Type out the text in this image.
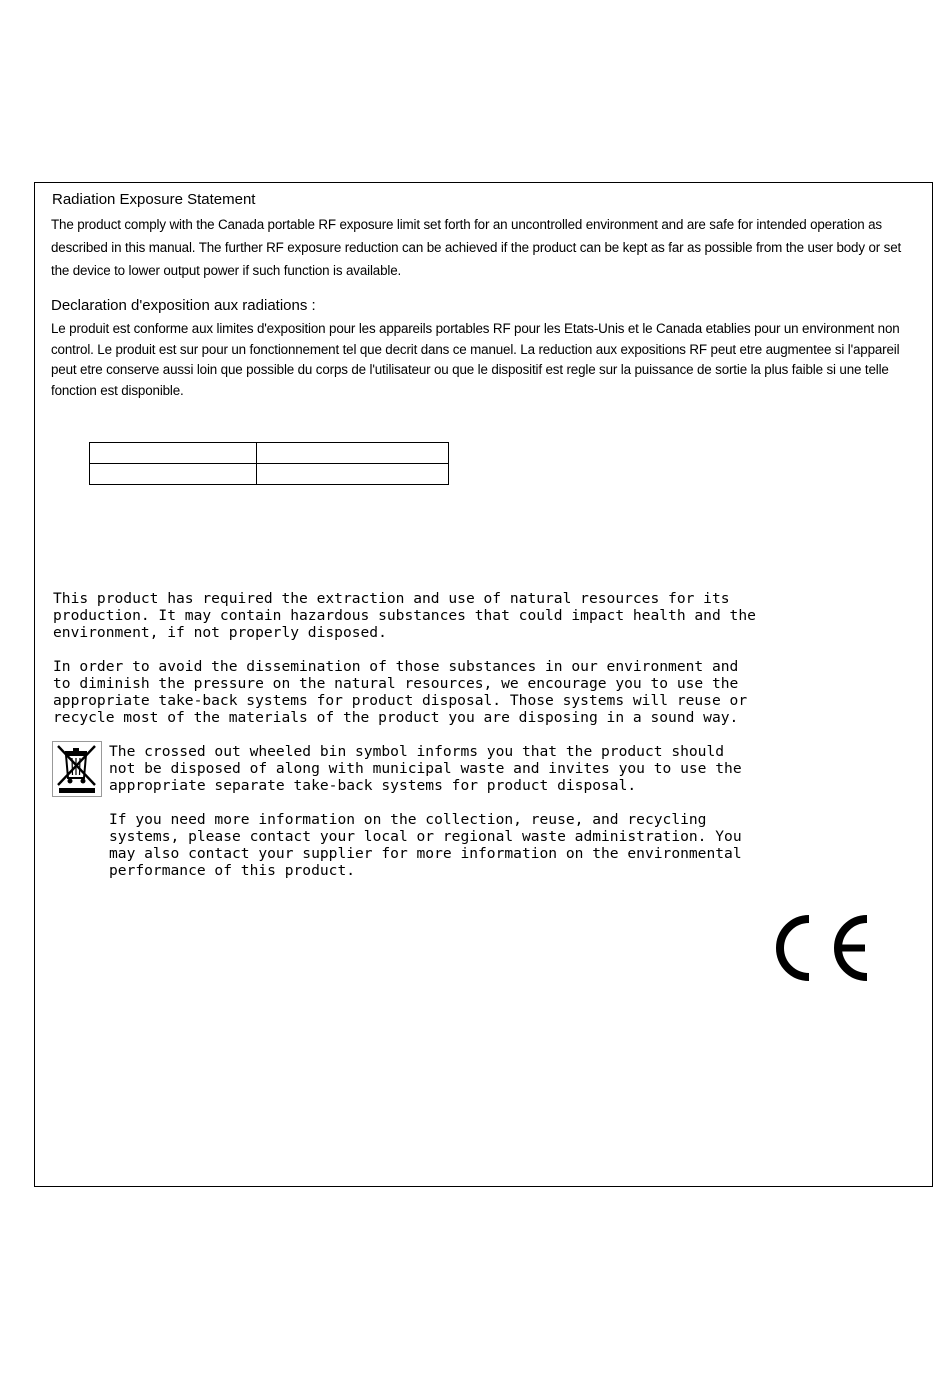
Radiation Exposure Statement
The product comply with the Canada portable RF exposure limit set forth for an uncontrolled environment and are safe for intended operation as described in this manual. The further RF exposure reduction can be achieved if the product can be kept as far as possible from the user body or set the device to lower output power if such function is available.
Declaration d'exposition aux radiations :
Le produit est conforme aux limites d'exposition pour les appareils portables RF pour les Etats-Unis et le Canada etablies pour un environment non control. Le produit est sur pour un fonctionnement tel que decrit dans ce manuel. La reduction aux expositions RF peut etre augmentee si l'appareil peut etre conserve aussi loin que possible du corps de l'utilisateur ou que le dispositif est regle sur la puissance de sortie la plus faible si une telle fonction est disponible.

This product has required the extraction and use of natural resources for its
production. It may contain hazardous substances that could impact health and the
environment, if not properly disposed.
In order to avoid the dissemination of those substances in our environment and
to diminish the pressure on the natural resources, we encourage you to use the
appropriate take-back systems for product disposal. Those systems will reuse or
recycle most of the materials of the product you are disposing in a sound way.
The crossed out wheeled bin symbol informs you that the product should
not be disposed of along with municipal waste and invites you to use the
appropriate separate take-back systems for product disposal.
If you need more information on the collection, reuse, and recycling
systems, please contact your local or regional waste administration. You
may also contact your supplier for more information on the environmental
performance of this product.
